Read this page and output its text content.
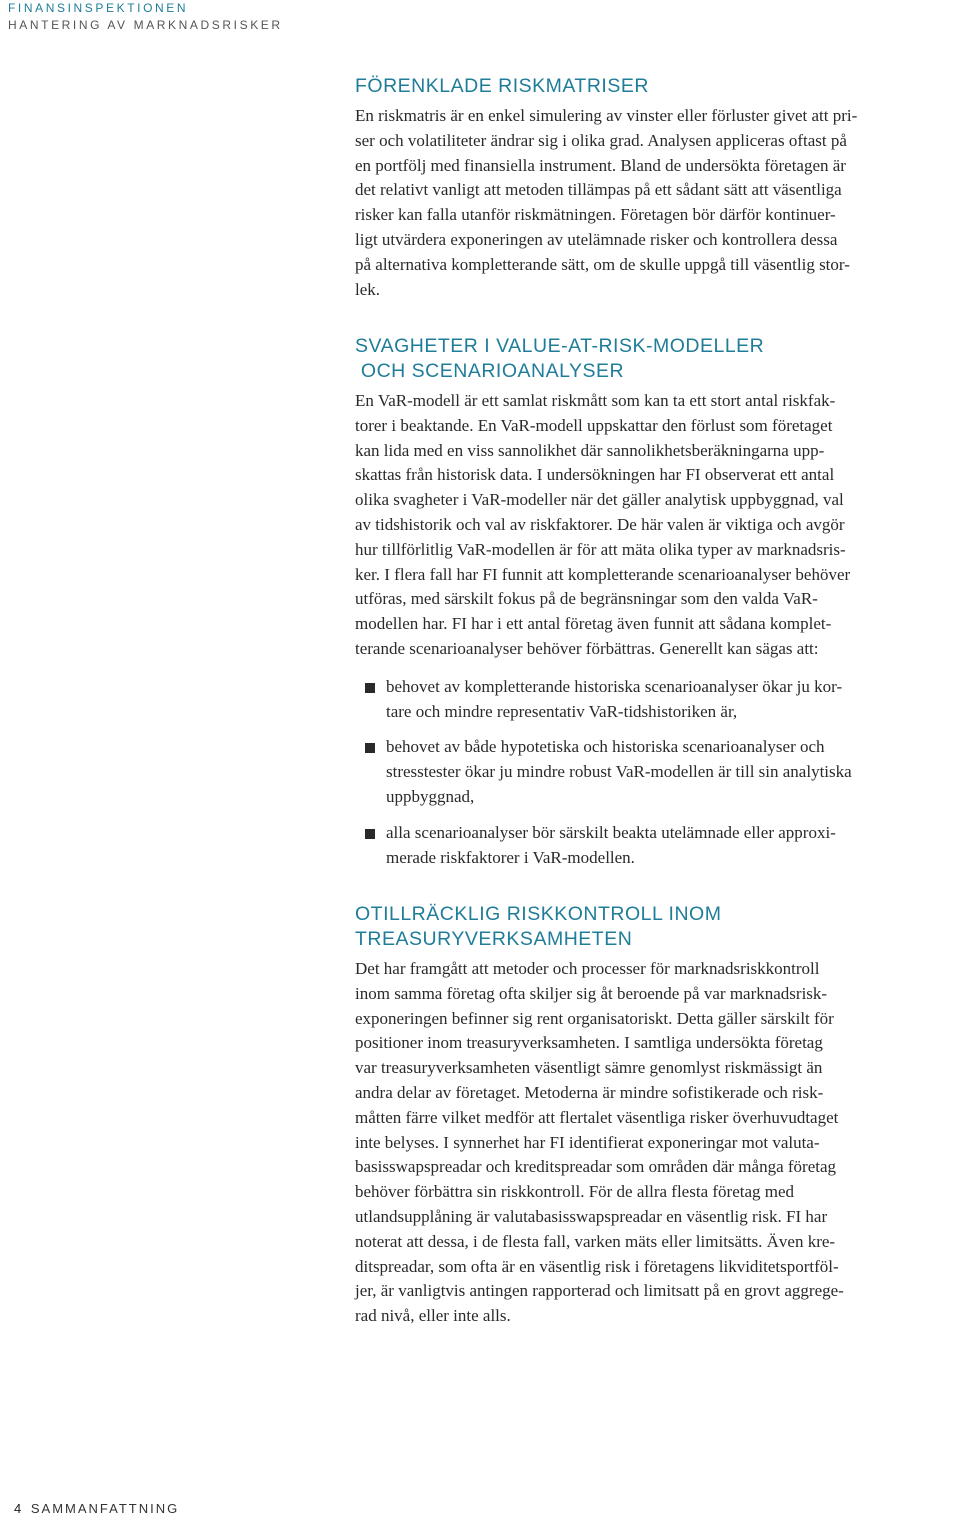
FINANSINSPEKTIONEN
HANTERING AV MARKNADSRISKER
FÖRENKLADE RISKMATRISER
En riskmatris är en enkel simulering av vinster eller förluster givet att pri-
ser och volatiliteter ändrar sig i olika grad. Analysen appliceras oftast på
en portfölj med finansiella instrument. Bland de undersökta företagen är
det relativt vanligt att metoden tillämpas på ett sådant sätt att väsentliga
risker kan falla utanför riskmätningen. Företagen bör därför kontinuer-
ligt utvärdera exponeringen av utelämnade risker och kontrollera dessa
på alternativa kompletterande sätt, om de skulle uppgå till väsentlig stor-
lek.
SVAGHETER I VALUE-AT-RISK-MODELLER
OCH SCENARIOANALYSER
En VaR-modell är ett samlat riskmått som kan ta ett stort antal riskfak-
torer i beaktande. En VaR-modell uppskattar den förlust som företaget
kan lida med en viss sannolikhet där sannolikhetsberäkningarna upp-
skattas från historisk data. I undersökningen har FI observerat ett antal
olika svagheter i VaR-modeller när det gäller analytisk uppbyggnad, val
av tidshistorik och val av riskfaktorer. De här valen är viktiga och avgör
hur tillförlitlig VaR-modellen är för att mäta olika typer av marknadsris-
ker. I flera fall har FI funnit att kompletterande scenarioanalyser behöver
utföras, med särskilt fokus på de begränsningar som den valda VaR-
modellen har. FI har i ett antal företag även funnit att sådana komplet-
terande scenarioanalyser behöver förbättras. Generellt kan sägas att:
behovet av kompletterande historiska scenarioanalyser ökar ju kor-
tare och mindre representativ VaR-tidshistoriken är,
behovet av både hypotetiska och historiska scenarioanalyser och
stresstester ökar ju mindre robust VaR-modellen är till sin analytiska
uppbyggnad,
alla scenarioanalyser bör särskilt beakta utelämnade eller approxi-
merade riskfaktorer i VaR-modellen.
OTILLRÄCKLIG RISKKONTROLL INOM
TREASURYVERKSAMHETEN
Det har framgått att metoder och processer för marknadsriskkontroll
inom samma företag ofta skiljer sig åt beroende på var marknadsrisk-
exponeringen befinner sig rent organisatoriskt. Detta gäller särskilt för
positioner inom treasuryverksamheten. I samtliga undersökta företag
var treasuryverksamheten väsentligt sämre genomlyst riskmässigt än
andra delar av företaget. Metoderna är mindre sofistikerade och risk-
måtten färre vilket medför att flertalet väsentliga risker överhuvudtaget
inte belyses. I synnerhet har FI identifierat exponeringar mot valuta-
basisswapspreadar och kreditspreadar som områden där många företag
behöver förbättra sin riskkontroll. För de allra flesta företag med
utlandsupplåning är valutabasisswapspreadar en väsentlig risk. FI har
noterat att dessa, i de flesta fall, varken mäts eller limitsätts. Även kre-
ditspreadar, som ofta är en väsentlig risk i företagens likviditetsportföl-
jer, är vanligtvis antingen rapporterad och limitsatt på en grovt aggrege-
rad nivå, eller inte alls.
4 SAMMANFATTNING
